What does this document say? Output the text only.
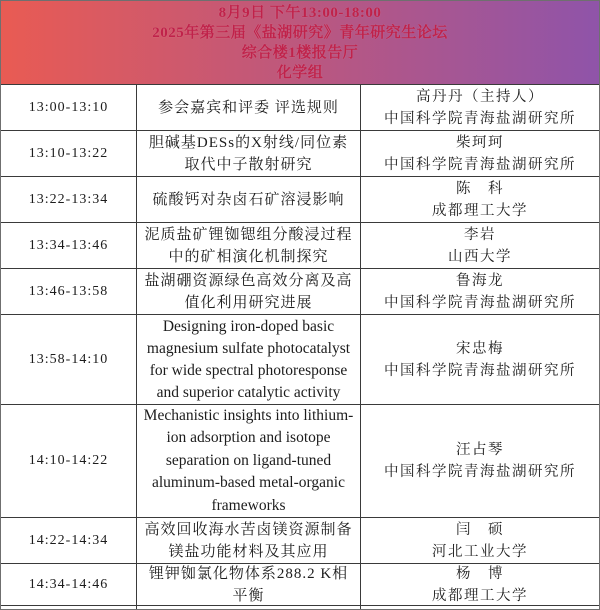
8月9日 下午13:00-18:00
2025年第三届《盐湖研究》青年研究生论坛
综合楼1楼报告厅
化学组
13:00-13:10	参会嘉宾和评委 评选规则
高丹丹（主持人）
中国科学院青海盐湖研究所
13:10-13:22
胆碱基DESs的X射线/同位素取代中子散射研究
柴珂珂
中国科学院青海盐湖研究所
13:22-13:34	硫酸钙对杂卤石矿溶浸影响
陈　科
成都理工大学
13:34-13:46
泥质盐矿锂铷锶组分酸浸过程中的矿相演化机制探究
李岩
山西大学
13:46-13:58
盐湖硼资源绿色高效分离及高值化利用研究进展
鲁海龙
中国科学院青海盐湖研究所
13:58-14:10
Designing iron-doped basic magnesium sulfate photocatalyst for wide spectral photoresponse and superior catalytic activity
宋忠梅
中国科学院青海盐湖研究所
14:10-14:22
Mechanistic insights into lithium-ion adsorption and isotope separation on ligand-tuned aluminum-based metal-organic frameworks
汪占琴
中国科学院青海盐湖研究所
14:22-14:34
高效回收海水苦卤镁资源制备镁盐功能材料及其应用
闫　硕
河北工业大学
14:34-14:46
锂钾铷氯化物体系288.2 K相平衡
杨　博
成都理工大学
